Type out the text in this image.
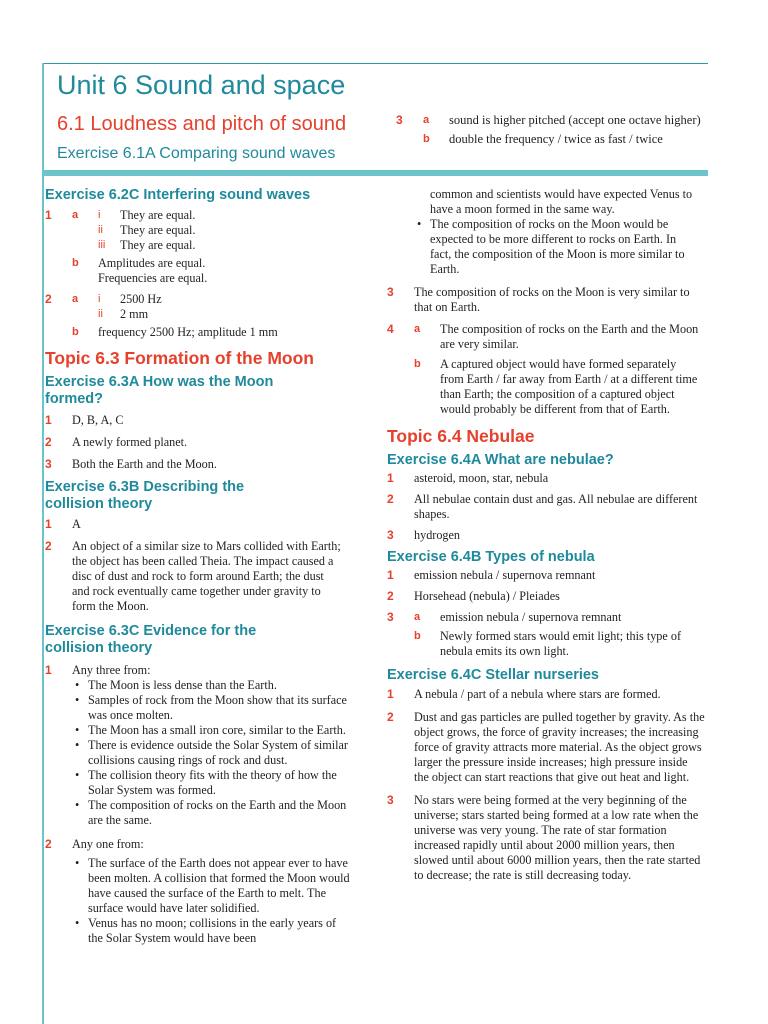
Unit 6 Sound and space
6.1 Loudness and pitch of sound
Exercise 6.1A Comparing sound waves
3 a sound is higher pitched (accept one octave higher)

b double the frequency / twice as fast / twice

Exercise 6.2C Interfering sound waves
1 a i They are equal.

ii They are equal.

iii They are equal.

b Amplitudes are equal.

Frequencies are equal.

2 a i 2500 Hz

ii 2 mm

b frequency 2500 Hz; amplitude 1 mm

Topic 6.3 Formation of the Moon
Exercise 6.3A How was the Moon formed?
1 D, B, A, C

2 A newly formed planet.

3 Both the Earth and the Moon.

Exercise 6.3B Describing the collision theory
1 A

2 An object of a similar size to Mars collided with Earth; the object has been called Theia. The impact caused a disc of dust and rock to form around Earth; the dust and rock eventually came together under gravity to form the Moon.

Exercise 6.3C Evidence for the collision theory
1 Any three from:

• The Moon is less dense than the Earth.
• Samples of rock from the Moon show that its surface was once molten.
• The Moon has a small iron core, similar to the Earth.
• There is evidence outside the Solar System of similar collisions causing rings of rock and dust.
• The collision theory fits with the theory of how the Solar System was formed.
• The composition of rocks on the Earth and the Moon are the same.
2 Any one from:

• The surface of the Earth does not appear ever to have been molten. A collision that formed the Moon would have caused the surface of the Earth to melt. The surface would have later solidified.
• Venus has no moon; collisions in the early years of the Solar System would have been

common and scientists would have expected Venus to have a moon formed in the same way.

• The composition of rocks on the Moon would be expected to be more different to rocks on Earth. In fact, the composition of the Moon is more similar to Earth.
3 The composition of rocks on the Moon is very similar to that on Earth.

4 a The composition of rocks on the Earth and the Moon are very similar.

b A captured object would have formed separately from Earth / far away from Earth / at a different time than Earth; the composition of a captured object would probably be different from that of Earth.

Topic 6.4 Nebulae
Exercise 6.4A What are nebulae?
1 asteroid, moon, star, nebula

2 All nebulae contain dust and gas. All nebulae are different shapes.

3 hydrogen

Exercise 6.4B Types of nebula
1 emission nebula / supernova remnant

2 Horsehead (nebula) / Pleiades

3 a emission nebula / supernova remnant

b Newly formed stars would emit light; this type of nebula emits its own light.

Exercise 6.4C Stellar nurseries
1 A nebula / part of a nebula where stars are formed.

2 Dust and gas particles are pulled together by gravity. As the object grows, the force of gravity increases; the increasing force of gravity attracts more material. As the object grows larger the pressure inside increases; high pressure inside the object can start reactions that give out heat and light.

3 No stars were being formed at the very beginning of the universe; stars started being formed at a low rate when the universe was very young. The rate of star formation increased rapidly until about 2000 million years, then slowed until about 6000 million years, then the rate started to decrease; the rate is still decreasing today.
